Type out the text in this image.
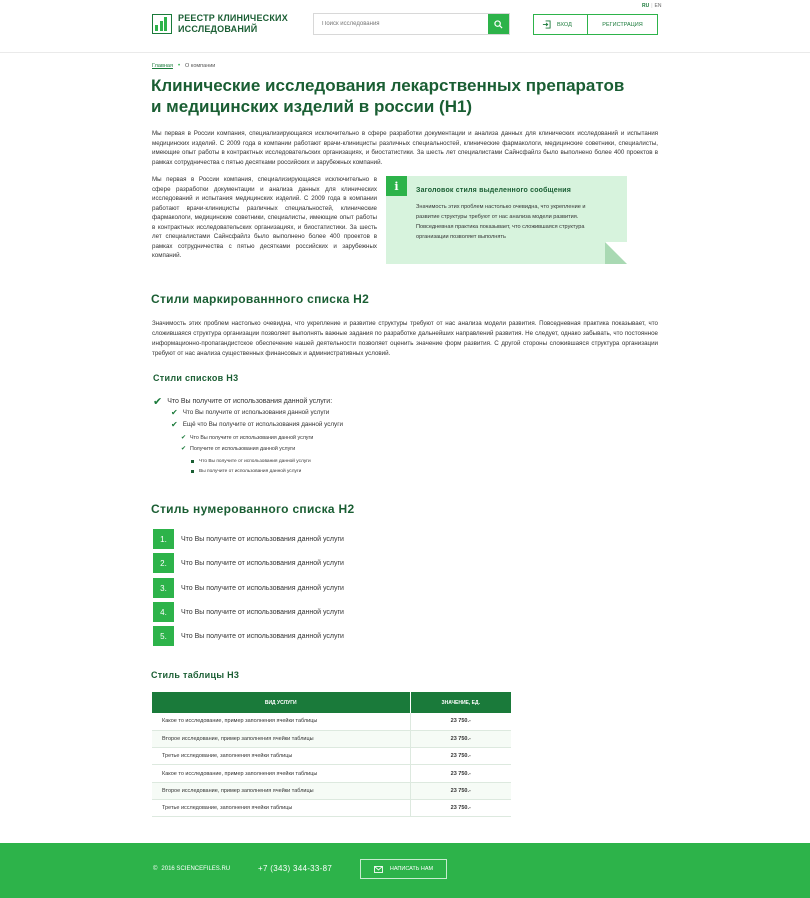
RU | EN
РЕЕСТР КЛИНИЧЕСКИХ
ИССЛЕДОВАНИЙ
Поиск исследования	ВХОД	РЕГИСТРАЦИЯ
Главная • О компании
Клинические исследования лекарственных препаратов и медицинских изделий в россии (H1)

Мы первая в России компания, специализирующаяся исключительно в сфере разработки документации и анализа данных для клинических исследований и испытания медицинских изделий. С 2009 года в компании работают врачи-клиницисты различных специальностей, клинические фармакологи, медицинские советники, специалисты, имеющие опыт работы в контрактных исследовательских организациях, и биостатистики. За шесть лет специалистами Сайнсфайлз было выполнено более 400 проектов в рамках сотрудничества с пятью десятками российских и зарубежных компаний.

Мы первая в России компания, специализирующаяся исключительно в сфере разработки документации и анализа данных для клинических исследований и испытания медицинских изделий. С 2009 года в компании работают врачи-клиницисты различных специальностей, клинические фармакологи, медицинские советники, специалисты, имеющие опыт работы в контрактных исследовательских организациях, и биостатистики. За шесть лет специалистами Сайнсфайлз было выполнено более 400 проектов в рамках сотрудничества с пятью десятками российских и зарубежных компаний.

i	Заголовок стиля выделенного сообщения
Значимость этих проблем настолько очевидна, что укрепление и развитие структуры требуют от нас анализа модели развития. Повседневная практика показывает, что сложившаяся структура организации позволяет выполнять
Стили маркированнного списка H2

Значимость этих проблем настолько очевидна, что укрепление и развитие структуры требуют от нас анализа модели развития. Повседневная практика показывает, что сложившаяся структура организации позволяет выполнять важные задания по разработке дальнейших направлений развития. Не следует, однако забывать, что постоянное информационно-пропагандистское обеспечение нашей деятельности позволяет оценить значение форм развития. С другой стороны сложившаяся структура организации требуют от нас анализа существенных финансовых и административных условий.

Стили списков H3
✔ Что Вы получите от использования данной услуги:
✔ Что Вы получите от использования данной услуги
✔ Ещё что Вы получите от использования данной услуги
✔ Что Вы получите от использования данной услуги
✔ Получите от использования данной услуги
Что Вы получите от использования данной услуги
Вы получите от использования данной услуги
Стиль нумерованного списка H2
1.	Что Вы получите от использования данной услуги
2.	Что Вы получите от использования данной услуги
3.	Что Вы получите от использования данной услуги
4.	Что Вы получите от использования данной услуги
5.	Что Вы получите от использования данной услуги
Стиль таблицы H3
ВИД УСЛУГИ	ЗНАЧЕНИЕ, ЕД.
Какое то исследование, пример заполнения ячейки таблицы	23 750.-
Второе исследование, пример заполнения ячейки таблицы	23 750.-
Третье исследование, заполнения ячейки таблицы	23 750.-
Какое то исследование, пример заполнения ячейки таблицы	23 750.-
Второе исследование, пример заполнения ячейки таблицы	23 750.-
Третье исследование, заполнения ячейки таблицы	23 750.-
© 2016 SCIENCEFILES.RU	+7 (343) 344-33-87	НАПИСАТЬ НАМ
